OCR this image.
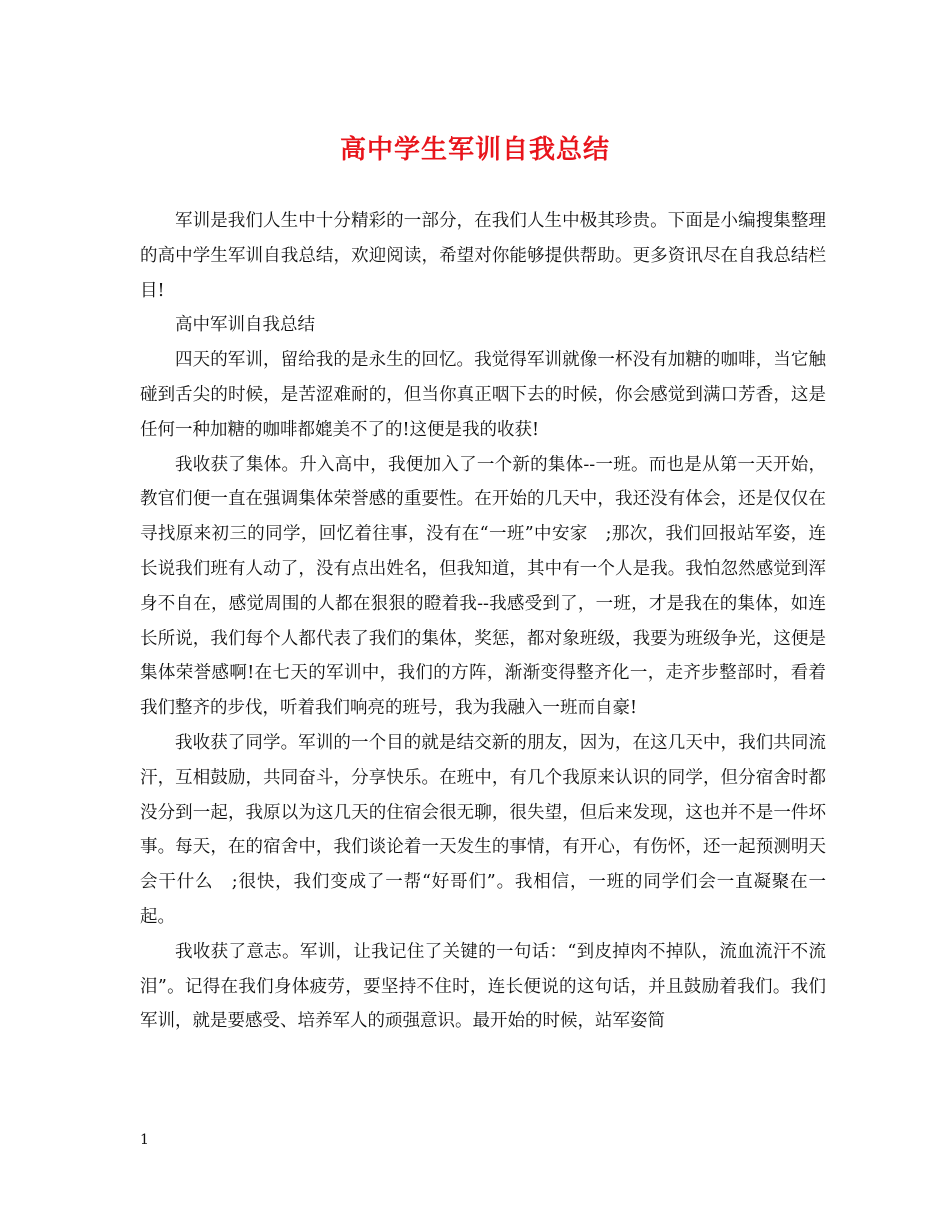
高中学生军训自我总结

军训是我们人生中十分精彩的一部分，在我们人生中极其珍贵。下面是小编搜集整理的高中学生军训自我总结，欢迎阅读，希望对你能够提供帮助。更多资讯尽在自我总结栏目!

高中军训自我总结

四天的军训，留给我的是永生的回忆。我觉得军训就像一杯没有加糖的咖啡，当它触碰到舌尖的时候，是苦涩难耐的，但当你真正咽下去的时候，你会感觉到满口芳香，这是任何一种加糖的咖啡都媲美不了的!这便是我的收获!

我收获了集体。升入高中，我便加入了一个新的集体--一班。而也是从第一天开始，教官们便一直在强调集体荣誉感的重要性。在开始的几天中，我还没有体会，还是仅仅在寻找原来初三的同学，回忆着往事，没有在“一班”中安家　;那次，我们回报站军姿，连长说我们班有人动了，没有点出姓名，但我知道，其中有一个人是我。我怕忽然感觉到浑身不自在，感觉周围的人都在狠狠的瞪着我--我感受到了，一班，才是我在的集体，如连长所说，我们每个人都代表了我们的集体，奖惩，都对象班级，我要为班级争光，这便是集体荣誉感啊!在七天的军训中，我们的方阵，渐渐变得整齐化一，走齐步整部时，看着我们整齐的步伐，听着我们响亮的班号，我为我融入一班而自豪!

我收获了同学。军训的一个目的就是结交新的朋友，因为，在这几天中，我们共同流汗，互相鼓励，共同奋斗，分享快乐。在班中，有几个我原来认识的同学，但分宿舍时都没分到一起，我原以为这几天的住宿会很无聊，很失望，但后来发现，这也并不是一件坏事。每天，在的宿舍中，我们谈论着一天发生的事情，有开心，有伤怀，还一起预测明天会干什么　;很快，我们变成了一帮“好哥们”。我相信，一班的同学们会一直凝聚在一起。

我收获了意志。军训，让我记住了关键的一句话：“到皮掉肉不掉队，流血流汗不流泪”。记得在我们身体疲劳，要坚持不住时，连长便说的这句话，并且鼓励着我们。我们军训，就是要感受、培养军人的顽强意识。最开始的时候，站军姿简

1
